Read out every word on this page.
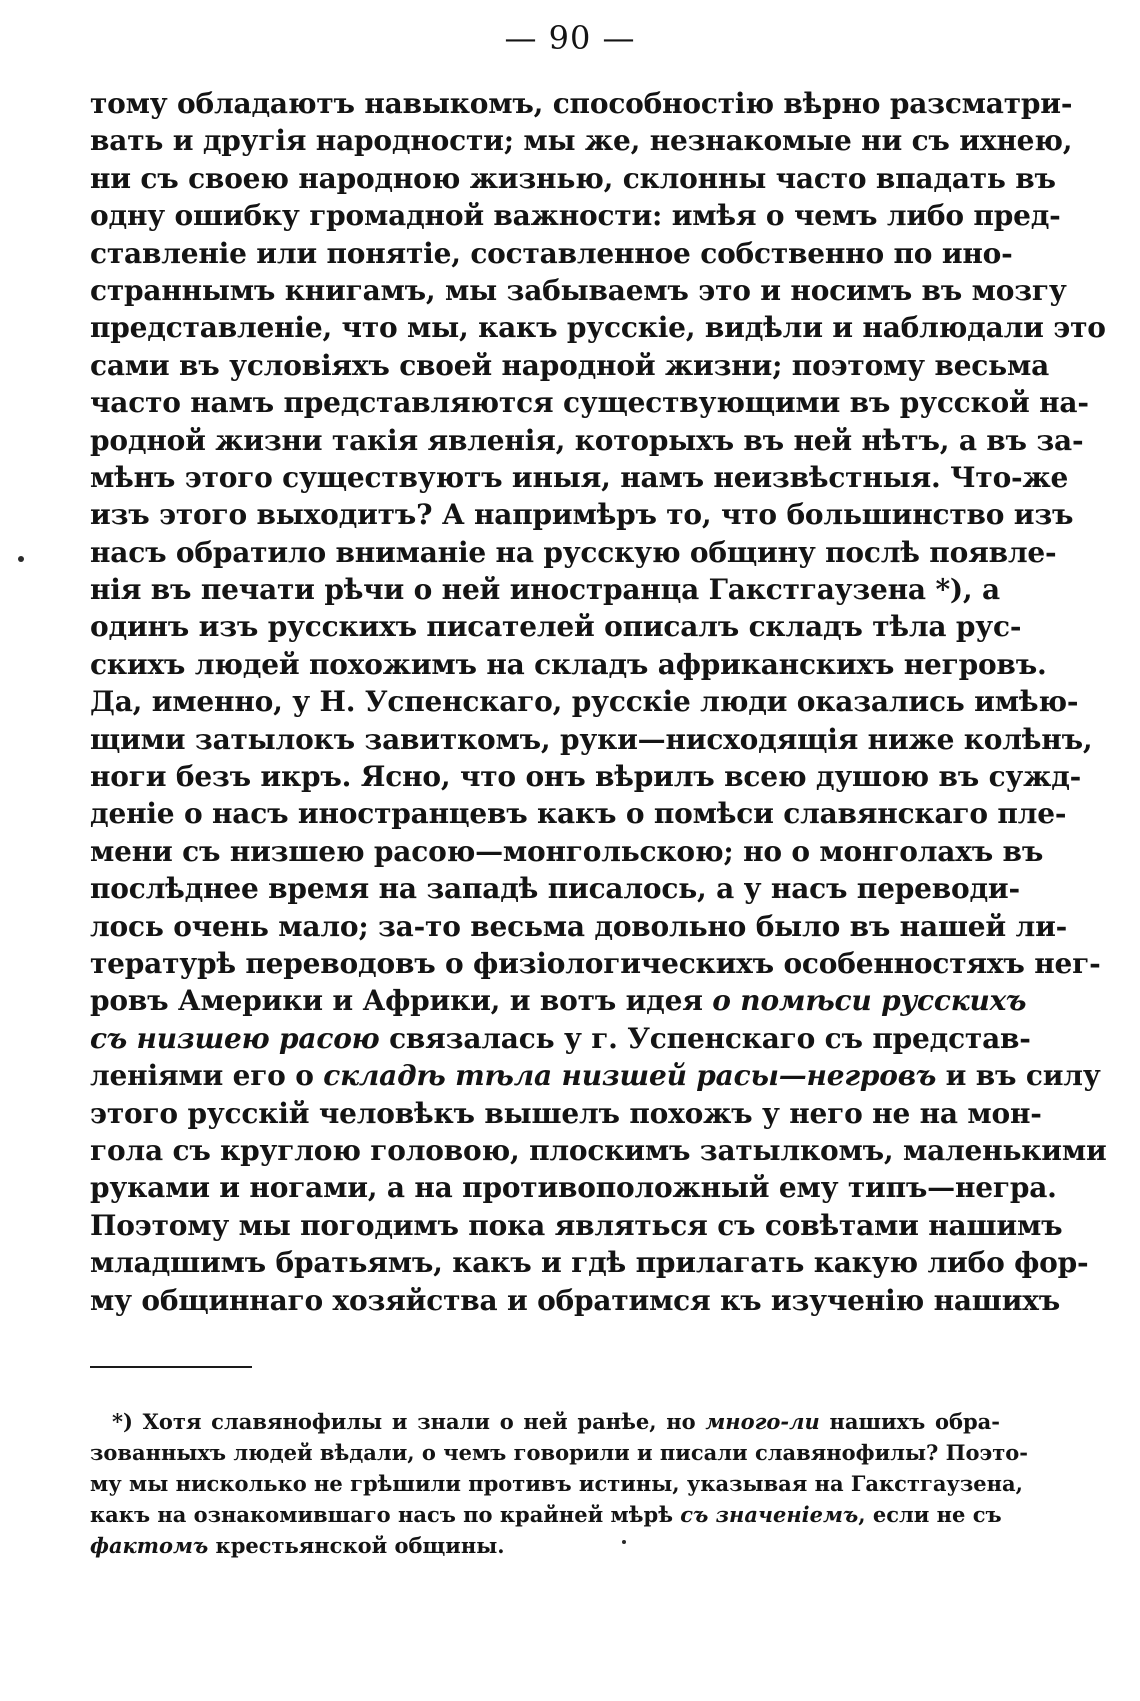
— 90 —
тому обладаютъ навыкомъ, способностію вѣрно разсматри-
вать и другія народности; мы же, незнакомые ни съ ихнею,
ни съ своею народною жизнью, склонны часто впадать въ
одну ошибку громадной важности: имѣя о чемъ либо пред-
ставленіе или понятіе, составленное собственно по ино-
страннымъ книгамъ, мы забываемъ это и носимъ въ мозгу
представленіе, что мы, какъ русскіе, видѣли и наблюдали это
сами въ условіяхъ своей народной жизни; поэтому весьма
часто намъ представляются существующими въ русской на-
родной жизни такія явленія, которыхъ въ ней нѣтъ, а въ за-
мѣнъ этого существуютъ иныя, намъ неизвѣстныя. Что-же
изъ этого выходитъ? А напримѣръ то, что большинство изъ
насъ обратило вниманіе на русскую общину послѣ появле-
нія въ печати рѣчи о ней иностранца Гакстгаузена *), а
одинъ изъ русскихъ писателей описалъ складъ тѣла рус-
скихъ людей похожимъ на складъ африканскихъ негровъ.
Да, именно, у Н. Успенскаго, русскіе люди оказались имѣю-
щими затылокъ завиткомъ, руки—нисходящія ниже колѣнъ,
ноги безъ икръ. Ясно, что онъ вѣрилъ всею душою въ сужд-
деніе о насъ иностранцевъ какъ о помѣси славянскаго пле-
мени съ низшею расою—монгольскою; но о монголахъ въ
послѣднее время на западѣ писалось, а у насъ переводи-
лось очень мало; за-то весьма довольно было въ нашей ли-
тературѣ переводовъ о физіологическихъ особенностяхъ нег-
ровъ Америки и Африки, и вотъ идея о помѣси русскихъ
съ низшею расою связалась у г. Успенскаго съ представ-
леніями его о складѣ тѣла низшей расы—негровъ и въ силу
этого русскій человѣкъ вышелъ похожъ у него не на мон-
гола съ круглою головою, плоскимъ затылкомъ, маленькими
руками и ногами, а на противоположный ему типъ—негра.
Поэтому мы погодимъ пока являться съ совѣтами нашимъ
младшимъ братьямъ, какъ и гдѣ прилагать какую либо фор-
му общиннаго хозяйства и обратимся къ изученію нашихъ
*) Хотя славянофилы и знали о ней ранѣе, но много-ли нашихъ обра-
зованныхъ людей вѣдали, о чемъ говорили и писали славянофилы? Поэто-
му мы нисколько не грѣшили противъ истины, указывая на Гакстгаузена,
какъ на ознакомившаго насъ по крайней мѣрѣ съ значеніемъ, если не съ
фактомъ крестьянской общины.
